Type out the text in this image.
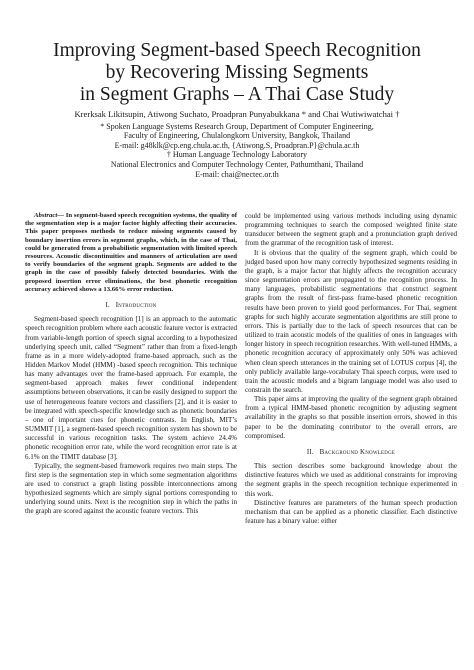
Improving Segment-based Speech Recognition
by Recovering Missing Segments
in Segment Graphs – A Thai Case Study
Krerksak Likitsupin, Atiwong Suchato, Proadpran Punyabukkana * and Chai Wutiwiwatchai †
* Spoken Language Systems Research Group, Department of Computer Engineering,
Faculty of Engineering, Chulalongkorn University, Bangkok, Thailand
E-mail: g48klk@cp.eng.chula.ac.th, {Atiwong.S, Proadpran.P}@chula.ac.th
† Human Language Technology Laboratory
National Electronics and Computer Technology Center, Pathumthani, Thailand
E-mail: chai@nectec.or.th

Abstract— In segment-based speech recognition systems, the quality of the segmentation step is a major factor highly affecting their accuracies. This paper proposes methods to reduce missing segments caused by boundary insertion errors in segment graphs, which, in the case of Thai, could be generated from a probabilistic segmentation with limited speech resources. Acoustic discontinuities and manners of articulation are used to verify boundaries of the segment graph. Segments are added to the graph in the case of possibly falsely detected boundaries. With the proposed insertion error eliminations, the best phonetic recognition accuracy achieved shows a 13.66% error reduction.

I. Introduction

Segment-based speech recognition [1] is an approach to the automatic speech recognition problem where each acoustic feature vector is extracted from variable-length portion of speech signal according to a hypothesized underlying speech unit, called “Segment” rather than from a fixed-length frame as in a more widely-adopted frame-based approach, such as the Hidden Markov Model (HMM) -based speech recognition. This technique has many advantages over the frame-based approach. For example, the segment-based approach makes fewer conditional independent assumptions between observations, it can be easily designed to support the use of heterogeneous feature vectors and classifiers [2], and it is easier to be integrated with speech-specific knowledge such as phonetic boundaries – one of important cues for phonetic contrasts. In English, MIT’s SUMMIT [1], a segment-based speech recognition system has shown to be successful in various recognition tasks. The system achieve 24.4% phonetic recognition error rate, while the word recognition error rate is at 6.1% on the TIMIT database [3].

Typically, the segment-based framework requires two main steps. The first step is the segmentation step in which some segmentation algorithms are used to construct a graph listing possible interconnections among hypothesized segments which are simply signal portions corresponding to underlying sound units. Next is the recognition step in which the paths in the graph are scored against the acoustic feature vectors. This

could be implemented using various methods including using dynamic programming techniques to search the composed weighted finite state transducer between the segment graph and a pronunciation graph derived from the grammar of the recognition task of interest.

It is obvious that the quality of the segment graph, which could be judged based upon how many correctly hypothesized segments residing in the graph, is a major factor that highly affects the recognition accuracy since segmentation errors are propagated to the recognition process. In many languages, probabilistic segmentations that construct segment graphs from the result of first-pass frame-based phonetic recognition results have been proven to yield good performances. For Thai, segment graphs for such highly accurate segmentation algorithms are still prone to errors. This is partially due to the lack of speech resources that can be utilized to train acoustic models of the qualities of ones in languages with longer history in speech recognition researches. With well-tuned HMMs, a phonetic recognition accuracy of approximately only 50% was achieved when clean speech utterances in the training set of LOTUS corpus [4], the only publicly available large-vocabulary Thai speech corpus, were used to train the acoustic models and a bigram language model was also used to constrain the search.

This paper aims at improving the quality of the segment graph obtained from a typical HMM-based phonetic recognition by adjusting segment availability in the graphs so that possible insertion errors, showed in this paper to be the dominating contributor to the overall errors, are compromised.

II. Background Knowledge

This section describes some background knowledge about the distinctive features which we used as additional constraints for improving the segment graphs in the speech recognition technique experimented in this work.

Distinctive features are parameters of the human speech production mechanism that can be applied as a phonetic classifier. Each distinctive feature has a binary value: either
